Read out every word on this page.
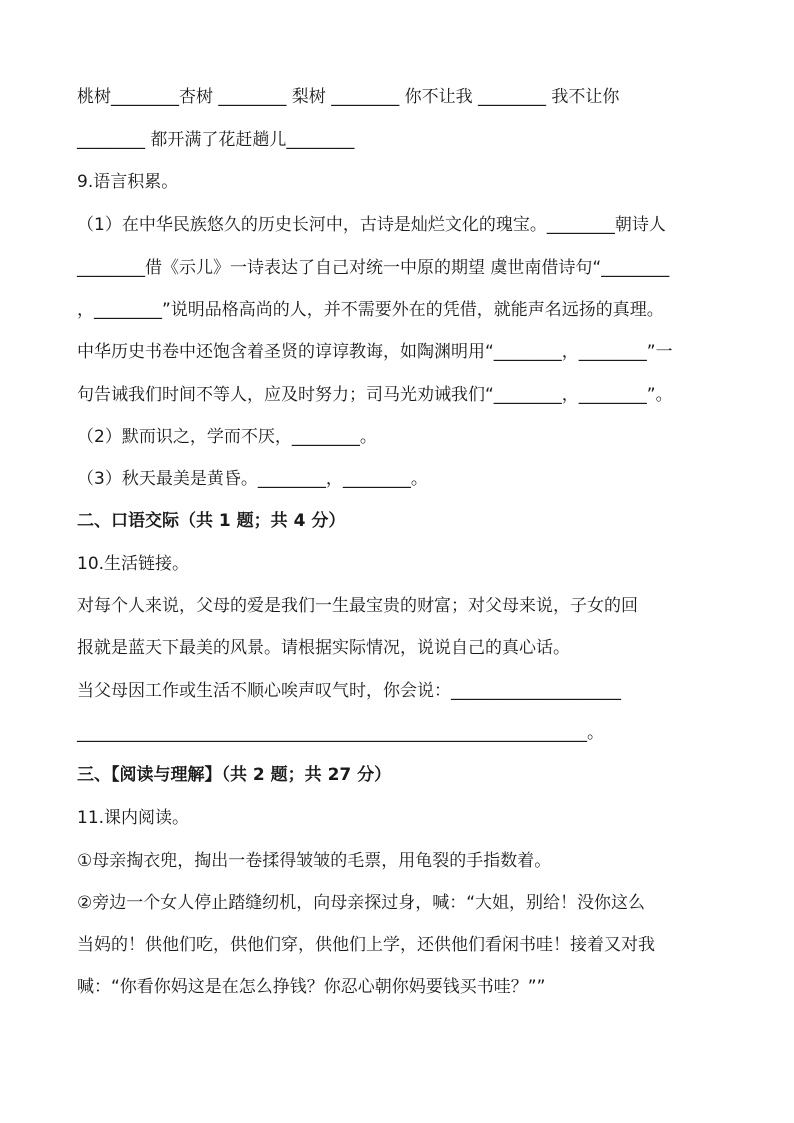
桃树________杏树 ________ 梨树 ________ 你不让我 ________ 我不让你
________ 都开满了花赶趟儿________
9.语言积累。
（1）在中华民族悠久的历史长河中，古诗是灿烂文化的瑰宝。________朝诗人
________借《示儿》一诗表达了自己对统一中原的期望 虞世南借诗句“________
，________”说明品格高尚的人，并不需要外在的凭借，就能声名远扬的真理。
中华历史书卷中还饱含着圣贤的谆谆教诲，如陶渊明用“________，________”一
句告诫我们时间不等人，应及时努力；司马光劝诫我们“________，________”。
（2）默而识之，学而不厌，________。
（3）秋天最美是黄昏。________，________。
二、口语交际（共 1 题；共 4 分）
10.生活链接。
对每个人来说，父母的爱是我们一生最宝贵的财富；对父母来说，子女的回
报就是蓝天下最美的风景。请根据实际情况，说说自己的真心话。
当父母因工作或生活不顺心唉声叹气时，你会说：____________________
____________________________________________________________。
三、【阅读与理解】（共 2 题；共 27 分）
11.课内阅读。
①母亲掏衣兜，掏出一卷揉得皱皱的毛票，用龟裂的手指数着。
②旁边一个女人停止踏缝纫机，向母亲探过身，喊：“大姐，别给！没你这么
当妈的！供他们吃，供他们穿，供他们上学，还供他们看闲书哇！接着又对我
喊：“你看你妈这是在怎么挣钱？你忍心朝你妈要钱买书哇？””
